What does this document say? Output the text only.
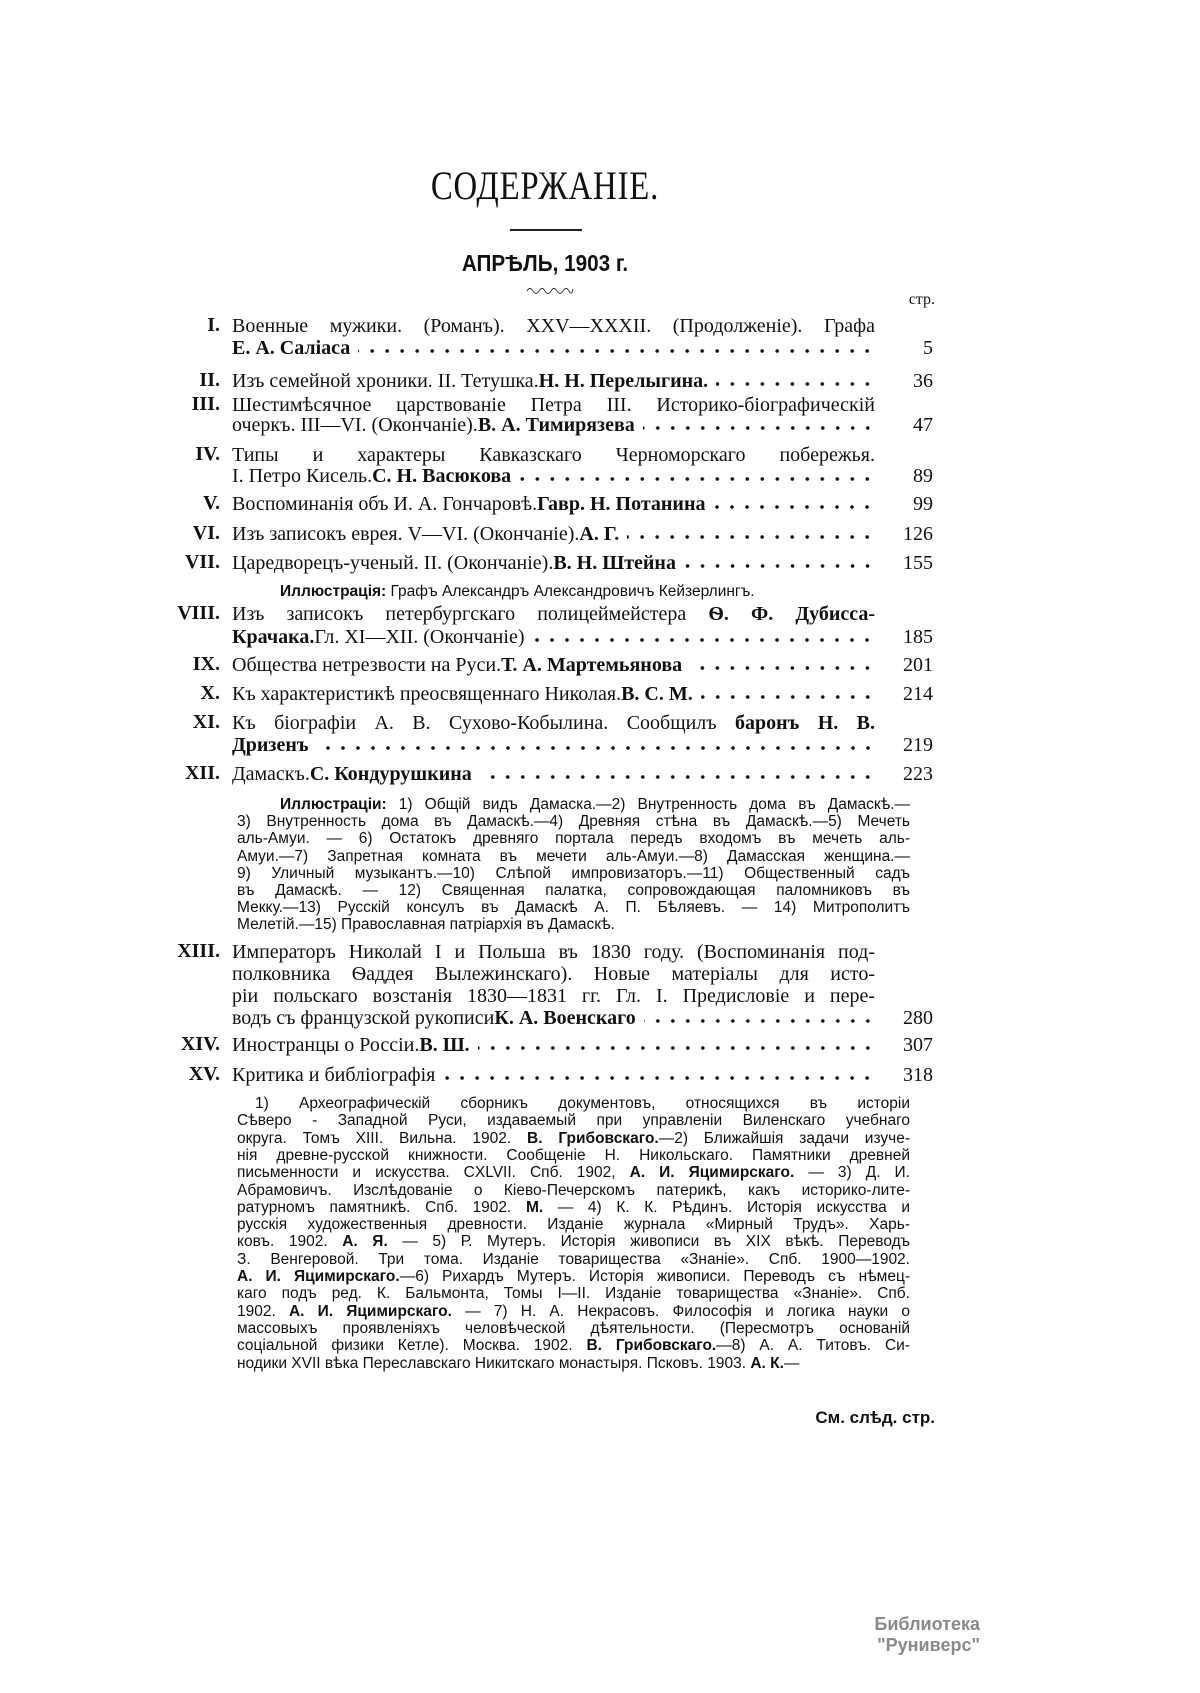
СОДЕРЖАНІЕ.
АПРѢЛЬ, 1903 г.
стр.
I. Военные мужики. (Романъ). XXV—XXXII. (Продолженіе). Графа
Е. А. Саліаса	5
II. Изъ семейной хроники. II. Тетушка. Н. Н. Перелыгина.	36
III. Шестимѣсячное царствованіе Петра III. Историко-біографическій
очеркъ. III—VI. (Окончаніе). В. А. Тимирязева	47
IV. Типы и характеры Кавказскаго Черноморскаго побережья.
I. Петро Кисель. С. Н. Васюкова	89
V. Воспоминанія объ И. А. Гончаровѣ. Гавр. Н. Потанина	99
VI. Изъ записокъ еврея. V—VI. (Окончаніе). А. Г.	126
VII. Царедворецъ-ученый. II. (Окончаніе). В. Н. Штейна	155
Иллюстрація: Графъ Александръ Александровичъ Кейзерлингъ.
VIII. Изъ записокъ петербургскаго полицеймейстера Ѳ. Ф. Дубисса-
Крачака. Гл. XI—XII. (Окончаніе)	185
IX. Общества нетрезвости на Руси. Т. А. Мартемьянова	201
X. Къ характеристикѣ преосвященнаго Николая. В. С. М.	214
XI. Къ біографіи А. В. Сухово-Кобылина. Сообщилъ баронъ Н. В.
Дризенъ	219
XII. Дамаскъ. С. Кондурушкина	223
XIII. Императоръ Николай I и Польша въ 1830 году. (Воспоминанія под-
полковника Ѳаддея Вылежинскаго). Новые матеріалы для исто-
ріи польскаго возстанія 1830—1831 гг. Гл. I. Предисловіе и пере-
водъ съ французской рукописи К. А. Военскаго	280
XIV. Иностранцы о Россіи. В. Ш.	307
XV. Критика и библіографія	318
Иллюстраціи: 1) Общій видъ Дамаска.—2) Внутренность дома въ Дамаскѣ.—
3) Внутренность дома въ Дамаскѣ.—4) Древняя стѣна въ Дамаскѣ.—5) Мечеть
аль-Амуи. — 6) Остатокъ древняго портала передъ входомъ въ мечеть аль-
Амуи.—7) Запретная комната въ мечети аль-Амуи.—8) Дамасская женщина.—
9) Уличный музыкантъ.—10) Слѣпой импровизаторъ.—11) Общественный садъ
въ Дамаскѣ. — 12) Священная палатка, сопровождающая паломниковъ въ
Мекку.—13) Русскій консулъ въ Дамаскѣ А. П. Бѣляевъ. — 14) Митрополитъ
Мелетій.—15) Православная патріархія въ Дамаскѣ.
1) Археографическій сборникъ документовъ, относящихся въ исторіи
Сѣверо - Западной Руси, издаваемый при управленіи Виленскаго учебнаго
округа. Томъ XIII. Вильна. 1902. В. Грибовскаго.—2) Ближайшія задачи изуче-
нія древне-русской книжности. Сообщеніе Н. Никольскаго. Памятники древней
письменности и искусства. CXLVII. Спб. 1902, А. И. Яцимирскаго. — 3) Д. И.
Абрамовичъ. Изслѣдованіе о Кіево-Печерскомъ патерикѣ, какъ историко-лите-
ратурномъ памятникѣ. Спб. 1902. М. — 4) К. К. Рѣдинъ. Исторія искусства и
русскія художественныя древности. Изданіе журнала «Мирный Трудъ». Харь-
ковъ. 1902. А. Я. — 5) Р. Мутеръ. Исторія живописи въ XIX вѣкѣ. Переводъ
З. Венгеровой. Три тома. Изданіе товарищества «Знаніе». Спб. 1900—1902.
А. И. Яцимирскаго.—6) Рихардъ Мутеръ. Исторія живописи. Переводъ съ нѣмец-
каго подъ ред. К. Бальмонта, Томы I—II. Изданіе товарищества «Знаніе». Спб.
1902. А. И. Яцимирскаго. — 7) Н. А. Некрасовъ. Философія и логика науки о
массовыхъ проявленіяхъ человѣческой дѣятельности. (Пересмотръ основаній
соціальной физики Кетле). Москва. 1902. В. Грибовскаго.—8) А. А. Титовъ. Си-
нодики XVII вѣка Переславскаго Никитскаго монастыря. Псковъ. 1903. А. К.—
См. слѣд. стр.
Библиотека "Руниверс"
